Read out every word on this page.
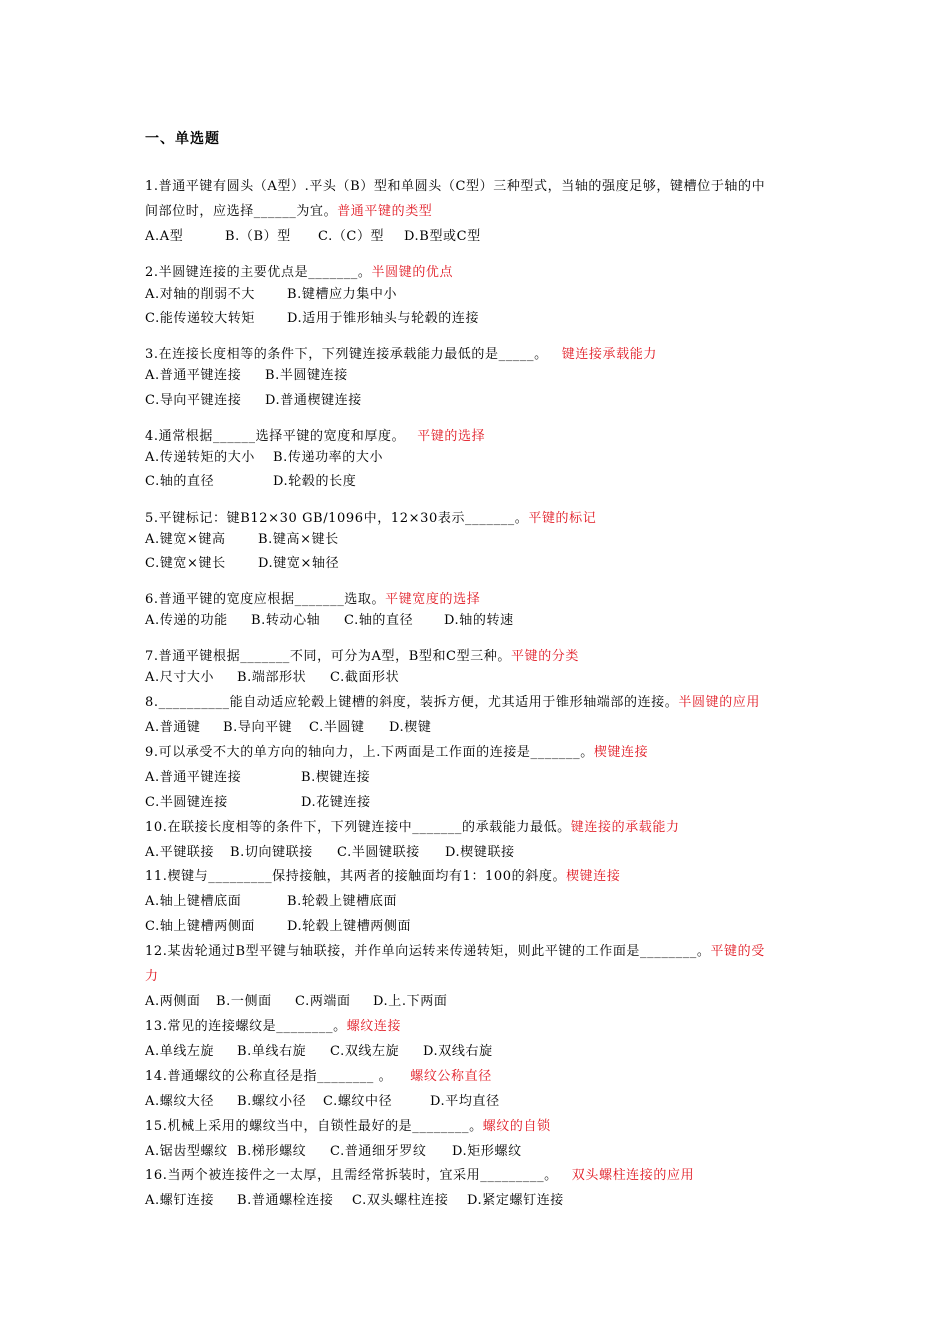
一、单选题
1.普通平键有圆头（A型）.平头（B）型和单圆头（C型）三种型式，当轴的强度足够，键槽位于轴的中
间部位时，应选择______为宜。普通平键的类型
A.A型	B.（B）型 C.（C）型 D.B型或C型
2.半圆键连接的主要优点是_______。半圆键的优点
A.对轴的削弱不大 B.键槽应力集中小
C.能传递较大转矩 D.适用于锥形轴头与轮毂的连接
3.在连接长度相等的条件下，下列键连接承载能力最低的是_____。 键连接承载能力
A.普通平键连接 B.半圆键连接
C.导向平键连接 D.普通楔键连接
4.通常根据______选择平键的宽度和厚度。 平键的选择
A.传递转矩的大小 B.传递功率的大小
C.轴的直径	D.轮毂的长度
5.平键标记：键B12×30 GB/1096中，12×30表示_______。平键的标记
A.键宽×键高 B.键高×键长
C.键宽×键长 D.键宽×轴径
6.普通平键的宽度应根据_______选取。平键宽度的选择
A.传递的功能 B.转动心轴 C.轴的直径 D.轴的转速
7.普通平键根据_______不同，可分为A型，B型和C型三种。平键的分类
A.尺寸大小 B.端部形状 C.截面形状
8.__________能自动适应轮毂上键槽的斜度，装拆方便，尤其适用于锥形轴端部的连接。半圆键的应用
A.普通键 B.导向平键 C.半圆键 D.楔键
9.可以承受不大的单方向的轴向力，上.下两面是工作面的连接是_______。楔键连接
A.普通平键连接	B.楔键连接
C.半圆键连接	D.花键连接
10.在联接长度相等的条件下，下列键连接中_______的承载能力最低。键连接的承载能力
A.平键联接 B.切向键联接 C.半圆键联接 D.楔键联接
11.楔键与_________保持接触，其两者的接触面均有1：100的斜度。楔键连接
A.轴上键槽底面	B.轮毂上键槽底面
C.轴上键槽两侧面 D.轮毂上键槽两侧面
12.某齿轮通过B型平键与轴联接，并作单向运转来传递转矩，则此平键的工作面是________。平键的受
力
A.两侧面 B.一侧面 C.两端面 D.上.下两面
13.常见的连接螺纹是________。螺纹连接
A.单线左旋 B.单线右旋 C.双线左旋 D.双线右旋
14.普通螺纹的公称直径是指________ 。 螺纹公称直径
A.螺纹大径 B.螺纹小径 C.螺纹中径	D.平均直径
15.机械上采用的螺纹当中，自锁性最好的是________。螺纹的自锁
A.锯齿型螺纹 B.梯形螺纹 C.普通细牙罗纹 D.矩形螺纹
16.当两个被连接件之一太厚，且需经常拆装时，宜采用_________。 双头螺柱连接的应用
A.螺钉连接 B.普通螺栓连接 C.双头螺柱连接 D.紧定螺钉连接
